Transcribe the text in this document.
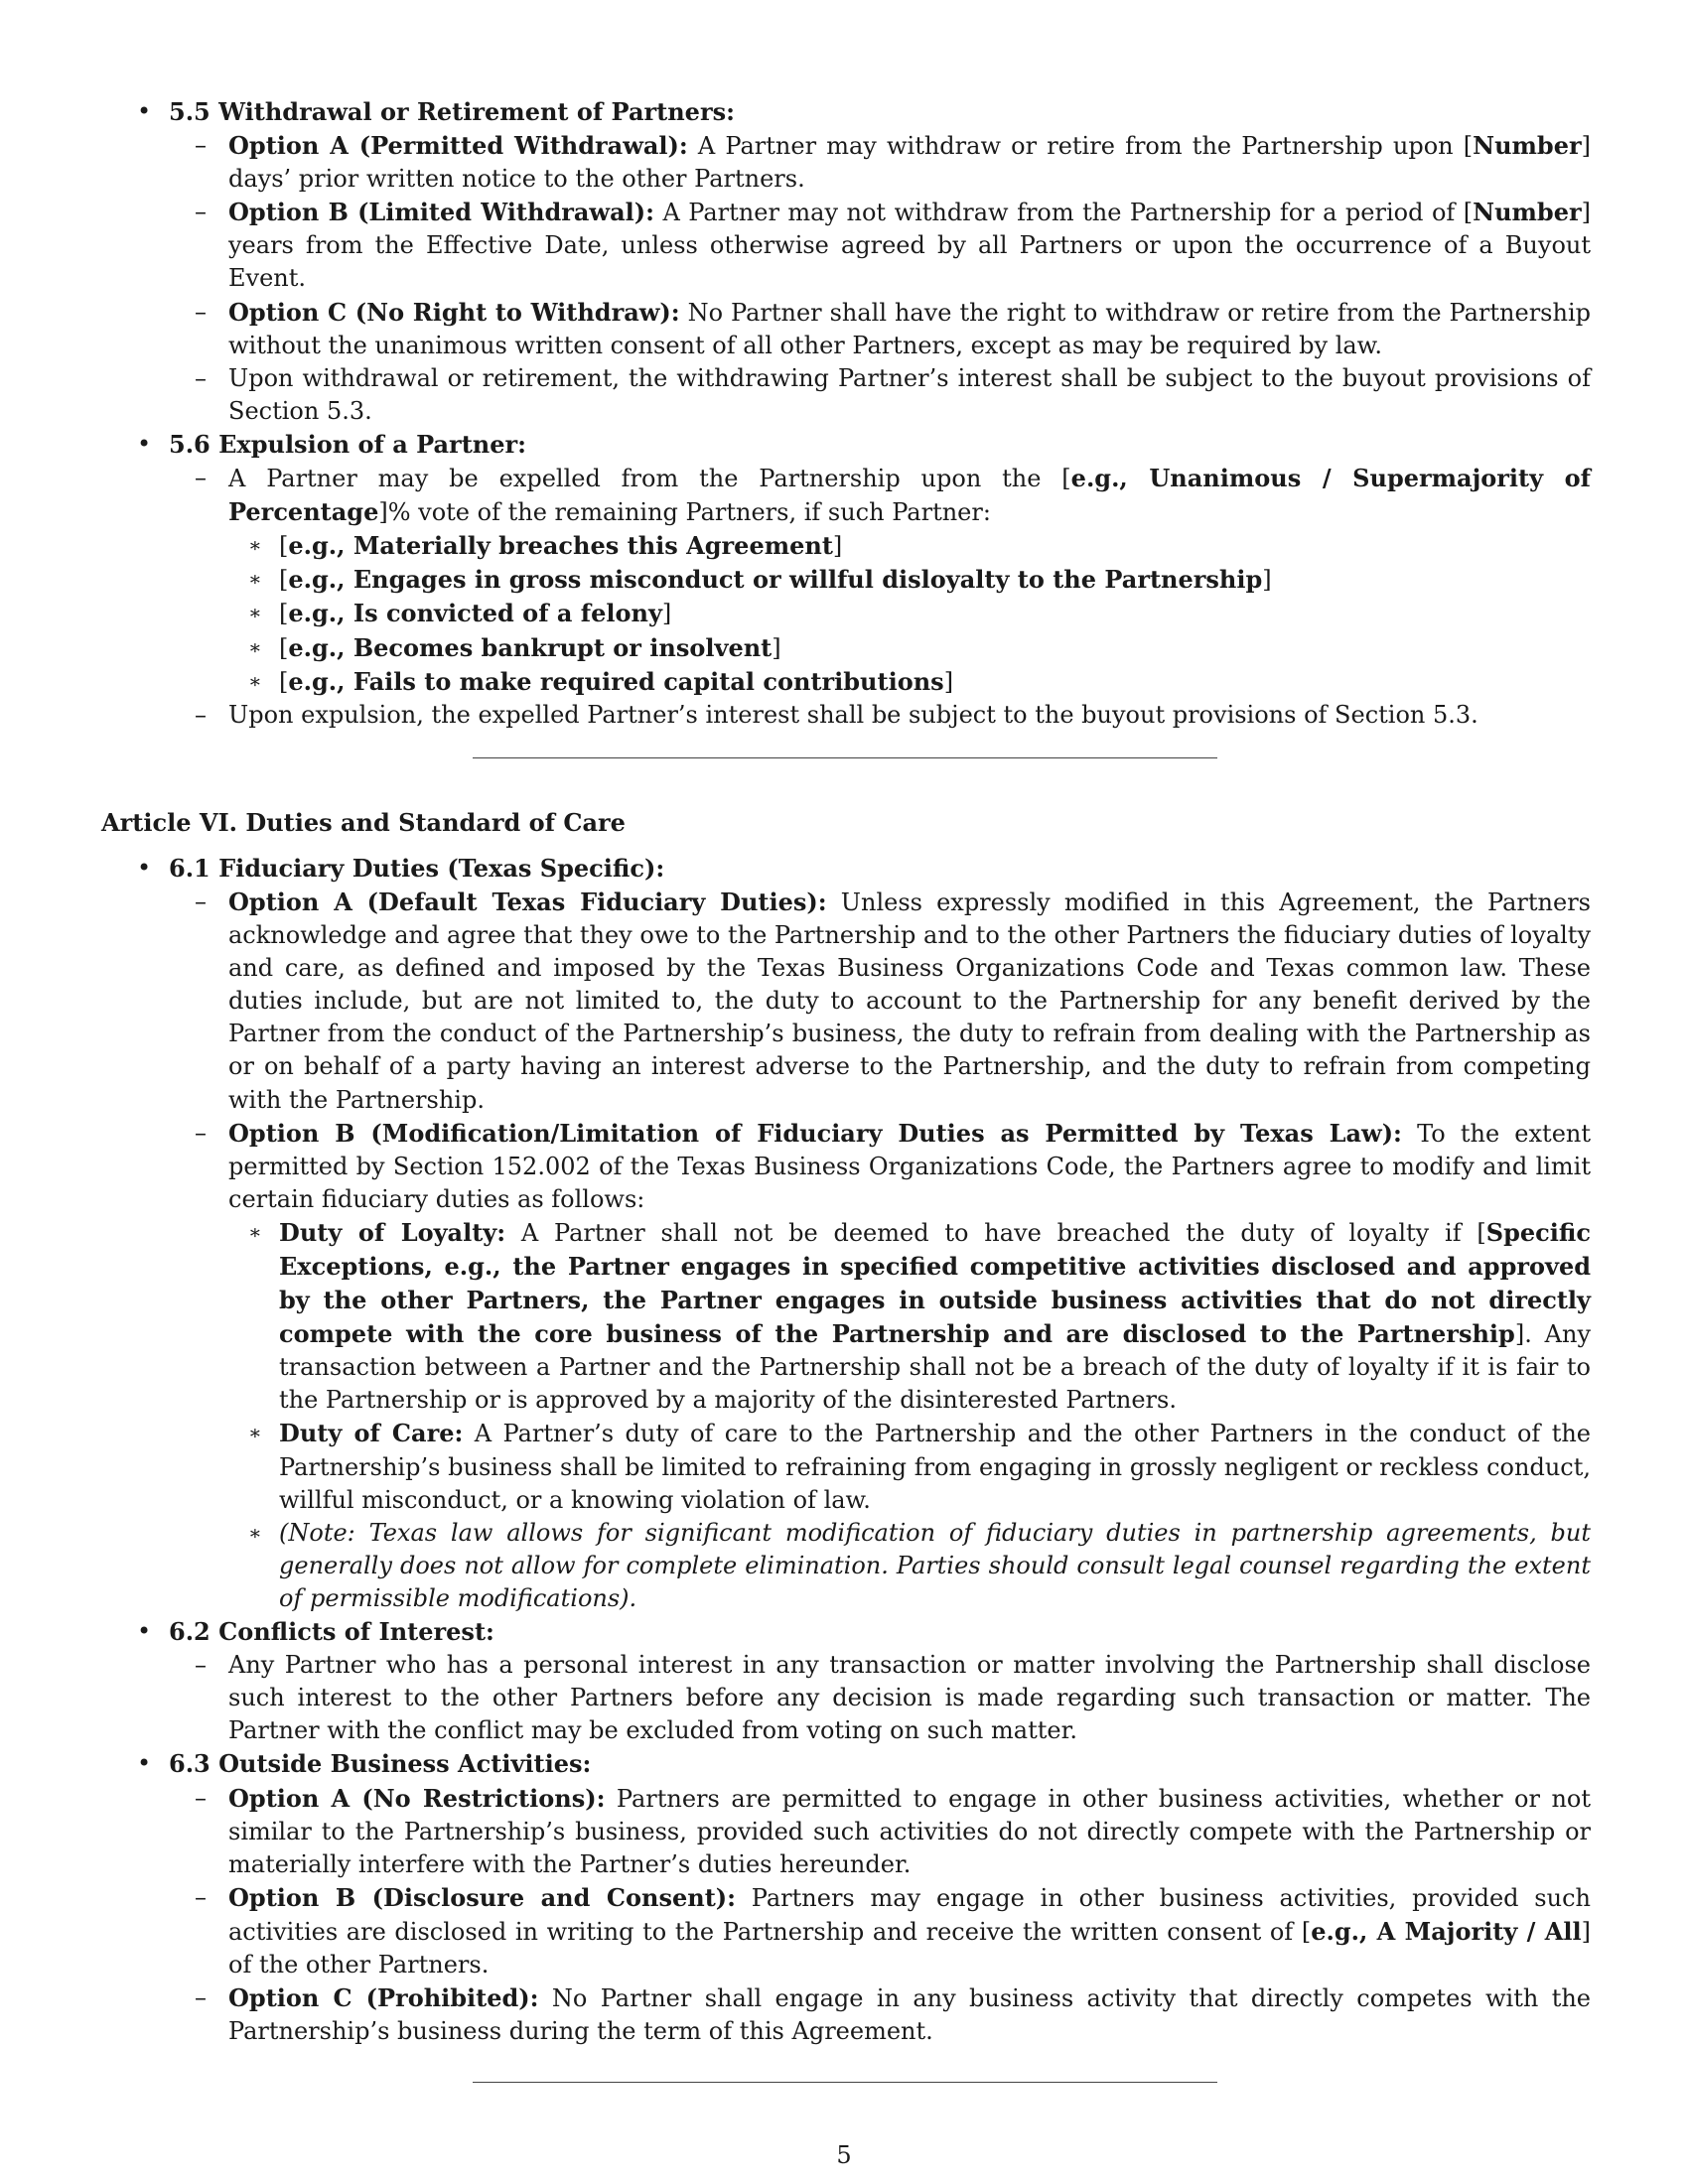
• 5.5 Withdrawal or Retirement of Partners:
– Option A (Permitted Withdrawal): A Partner may withdraw or retire from the Partnership upon [Number] days’ prior written notice to the other Partners.
– Option B (Limited Withdrawal): A Partner may not withdraw from the Partnership for a period of [Number] years from the Effective Date, unless otherwise agreed by all Partners or upon the occurrence of a Buyout Event.
– Option C (No Right to Withdraw): No Partner shall have the right to withdraw or retire from the Partnership without the unanimous written consent of all other Partners, except as may be required by law.
– Upon withdrawal or retirement, the withdrawing Partner’s interest shall be subject to the buyout provisions of Section 5.3.
• 5.6 Expulsion of a Partner:
– A Partner may be expelled from the Partnership upon the [e.g., Unanimous / Supermajority of Percentage]% vote of the remaining Partners, if such Partner:
∗ [e.g., Materially breaches this Agreement]
∗ [e.g., Engages in gross misconduct or willful disloyalty to the Partnership]
∗ [e.g., Is convicted of a felony]
∗ [e.g., Becomes bankrupt or insolvent]
∗ [e.g., Fails to make required capital contributions]
– Upon expulsion, the expelled Partner’s interest shall be subject to the buyout provisions of Section 5.3.
Article VI. Duties and Standard of Care
• 6.1 Fiduciary Duties (Texas Specific):
– Option A (Default Texas Fiduciary Duties): Unless expressly modified in this Agreement, the Partners acknowledge and agree that they owe to the Partnership and to the other Partners the fiduciary duties of loyalty and care, as defined and imposed by the Texas Business Organizations Code and Texas common law. These duties include, but are not limited to, the duty to account to the Partnership for any benefit derived by the Partner from the conduct of the Partnership’s business, the duty to refrain from dealing with the Partnership as or on behalf of a party having an interest adverse to the Partnership, and the duty to refrain from competing with the Partnership.
– Option B (Modification/Limitation of Fiduciary Duties as Permitted by Texas Law): To the extent permitted by Section 152.002 of the Texas Business Organizations Code, the Partners agree to modify and limit certain fiduciary duties as follows:
∗ Duty of Loyalty: A Partner shall not be deemed to have breached the duty of loyalty if [Specific Exceptions, e.g., the Partner engages in specified competitive activities disclosed and approved by the other Partners, the Partner engages in outside business activities that do not directly compete with the core business of the Partnership and are disclosed to the Partnership]. Any transaction between a Partner and the Partnership shall not be a breach of the duty of loyalty if it is fair to the Partnership or is approved by a majority of the disinterested Partners.
∗ Duty of Care: A Partner’s duty of care to the Partnership and the other Partners in the conduct of the Partnership’s business shall be limited to refraining from engaging in grossly negligent or reckless conduct, willful misconduct, or a knowing violation of law.
∗ (Note: Texas law allows for significant modification of fiduciary duties in partnership agreements, but generally does not allow for complete elimination. Parties should consult legal counsel regarding the extent of permissible modifications).
• 6.2 Conflicts of Interest:
– Any Partner who has a personal interest in any transaction or matter involving the Partnership shall disclose such interest to the other Partners before any decision is made regarding such transaction or matter. The Partner with the conflict may be excluded from voting on such matter.
• 6.3 Outside Business Activities:
– Option A (No Restrictions): Partners are permitted to engage in other business activities, whether or not similar to the Partnership’s business, provided such activities do not directly compete with the Partnership or materially interfere with the Partner’s duties hereunder.
– Option B (Disclosure and Consent): Partners may engage in other business activities, provided such activities are disclosed in writing to the Partnership and receive the written consent of [e.g., A Majority / All] of the other Partners.
– Option C (Prohibited): No Partner shall engage in any business activity that directly competes with the Partnership’s business during the term of this Agreement.
5
